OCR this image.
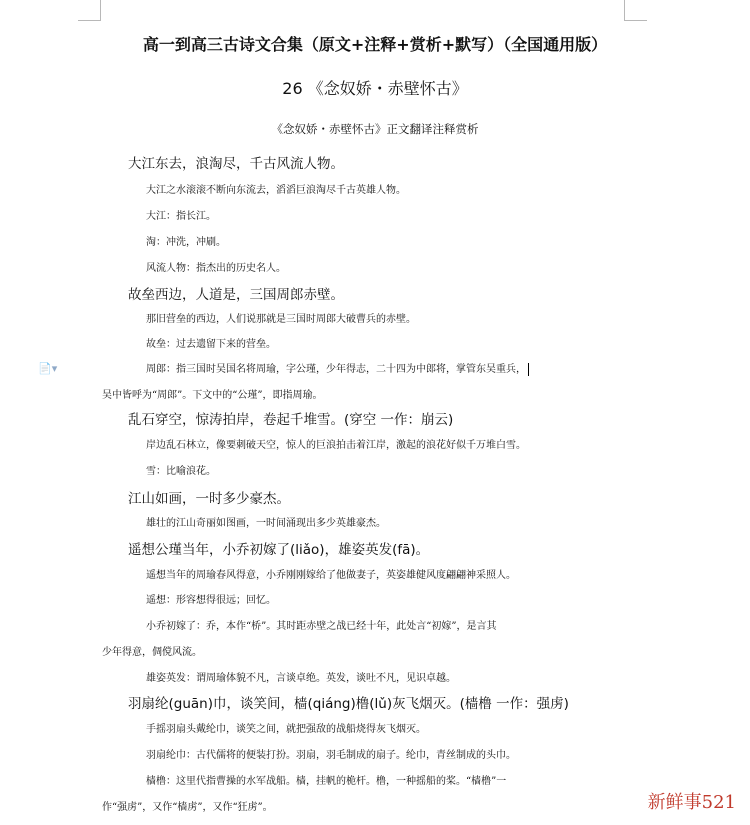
📄▾
高一到高三古诗文合集（原文+注释+赏析+默写）（全国通用版）
26 《念奴娇・赤壁怀古》
《念奴娇・赤壁怀古》正文翻译注释赏析
大江东去，浪淘尽，千古风流人物。
大江之水滚滚不断向东流去，滔滔巨浪淘尽千古英雄人物。
大江：指长江。
淘：冲洗，冲刷。
风流人物：指杰出的历史名人。
故垒西边，人道是，三国周郎赤壁。
那旧营垒的西边，人们说那就是三国时周郎大破曹兵的赤壁。
故垒：过去遗留下来的营垒。
周郎：指三国时吴国名将周瑜，字公瑾，少年得志，二十四为中郎将，掌管东吴重兵，
吴中皆呼为“周郎”。下文中的“公瑾”，即指周瑜。
乱石穿空，惊涛拍岸，卷起千堆雪。(穿空 一作：崩云)
岸边乱石林立，像要刺破天空，惊人的巨浪拍击着江岸，激起的浪花好似千万堆白雪。
雪：比喻浪花。
江山如画，一时多少豪杰。
雄壮的江山奇丽如图画，一时间涌现出多少英雄豪杰。
遥想公瑾当年，小乔初嫁了(liǎo)，雄姿英发(fā)。
遥想当年的周瑜春风得意，小乔刚刚嫁给了他做妻子，英姿雄健风度翩翩神采照人。
遥想：形容想得很远；回忆。
小乔初嫁了：乔，本作“桥”。其时距赤壁之战已经十年，此处言“初嫁”，是言其
少年得意，倜傥风流。
雄姿英发：谓周瑜体貌不凡，言谈卓绝。英发，谈吐不凡，见识卓越。
羽扇纶(guān)巾，谈笑间，樯(qiáng)橹(lǔ)灰飞烟灭。(樯橹 一作：强虏)
手摇羽扇头戴纶巾，谈笑之间，就把强敌的战船烧得灰飞烟灭。
羽扇纶巾：古代儒将的便装打扮。羽扇，羽毛制成的扇子。纶巾，青丝制成的头巾。
樯橹：这里代指曹操的水军战船。樯，挂帆的桅杆。橹，一种摇船的桨。“樯橹”一
作“强虏”，又作“樯虏”，又作“狂虏”。	新鲜事521
